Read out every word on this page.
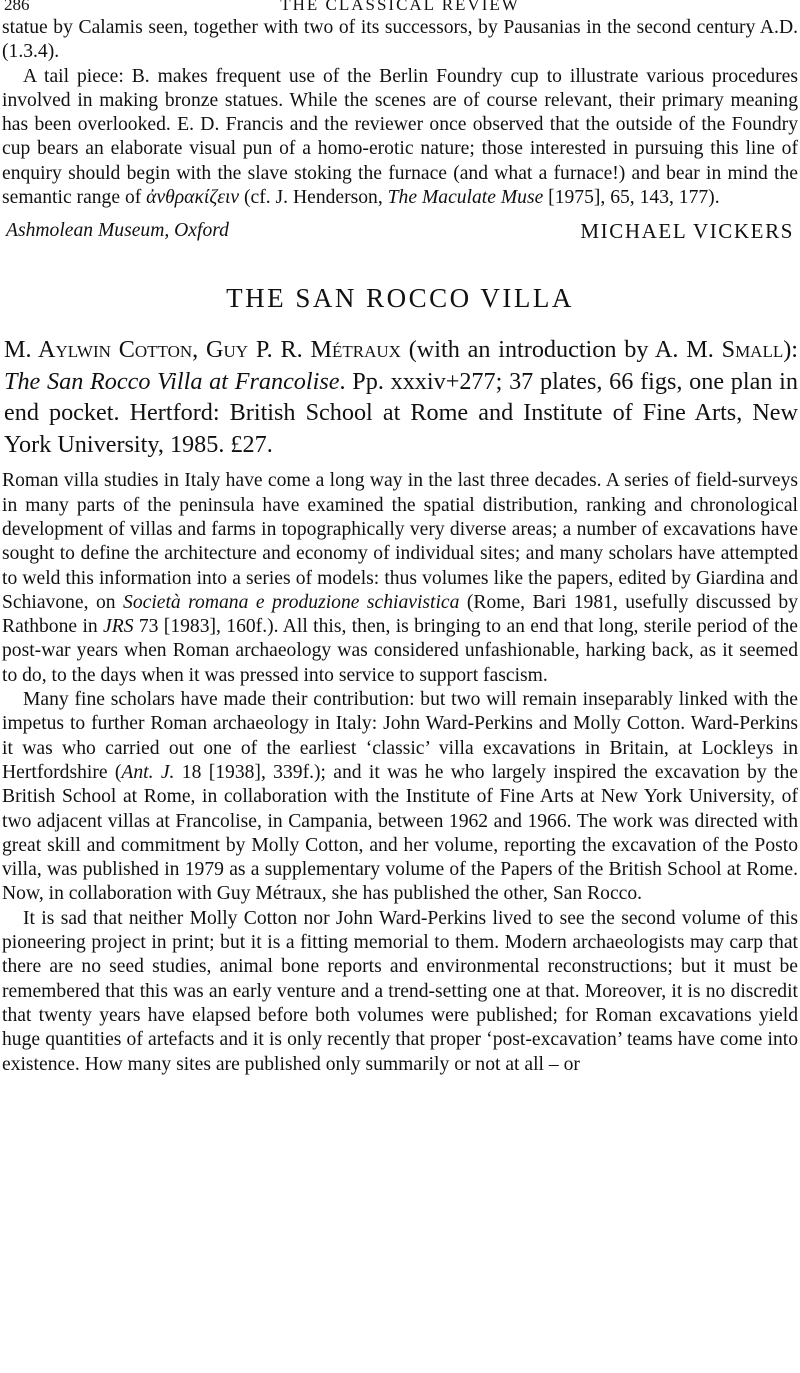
286	THE CLASSICAL REVIEW

statue by Calamis seen, together with two of its successors, by Pausanias in the second century A.D. (1.3.4).

A tail piece: B. makes frequent use of the Berlin Foundry cup to illustrate various procedures involved in making bronze statues. While the scenes are of course relevant, their primary meaning has been overlooked. E. D. Francis and the reviewer once observed that the outside of the Foundry cup bears an elaborate visual pun of a homo-erotic nature; those interested in pursuing this line of enquiry should begin with the slave stoking the furnace (and what a furnace!) and bear in mind the semantic range of ἀνθρακίζειν (cf. J. Henderson, The Maculate Muse [1975], 65, 143, 177).

Ashmolean Museum, Oxford	MICHAEL VICKERS
THE SAN ROCCO VILLA
M. Aylwin Cotton, Guy P. R. Métraux (with an introduction by A. M. Small): The San Rocco Villa at Francolise. Pp. xxxiv+277; 37 plates, 66 figs, one plan in end pocket. Hertford: British School at Rome and Institute of Fine Arts, New York University, 1985. £27.

Roman villa studies in Italy have come a long way in the last three decades. A series of field-surveys in many parts of the peninsula have examined the spatial distribution, ranking and chronological development of villas and farms in topographically very diverse areas; a number of excavations have sought to define the architecture and economy of individual sites; and many scholars have attempted to weld this information into a series of models: thus volumes like the papers, edited by Giardina and Schiavone, on Società romana e produzione schiavistica (Rome, Bari 1981, usefully discussed by Rathbone in JRS 73 [1983], 160f.). All this, then, is bringing to an end that long, sterile period of the post-war years when Roman archaeology was considered unfashionable, harking back, as it seemed to do, to the days when it was pressed into service to support fascism.

Many fine scholars have made their contribution: but two will remain inseparably linked with the impetus to further Roman archaeology in Italy: John Ward-Perkins and Molly Cotton. Ward-Perkins it was who carried out one of the earliest ‘classic’ villa excavations in Britain, at Lockleys in Hertfordshire (Ant. J. 18 [1938], 339f.); and it was he who largely inspired the excavation by the British School at Rome, in collaboration with the Institute of Fine Arts at New York University, of two adjacent villas at Francolise, in Campania, between 1962 and 1966. The work was directed with great skill and commitment by Molly Cotton, and her volume, reporting the excavation of the Posto villa, was published in 1979 as a supplementary volume of the Papers of the British School at Rome. Now, in collaboration with Guy Métraux, she has published the other, San Rocco.

It is sad that neither Molly Cotton nor John Ward-Perkins lived to see the second volume of this pioneering project in print; but it is a fitting memorial to them. Modern archaeologists may carp that there are no seed studies, animal bone reports and environmental reconstructions; but it must be remembered that this was an early venture and a trend-setting one at that. Moreover, it is no discredit that twenty years have elapsed before both volumes were published; for Roman excavations yield huge quantities of artefacts and it is only recently that proper ‘post-excavation’ teams have come into existence. How many sites are published only summarily or not at all – or
